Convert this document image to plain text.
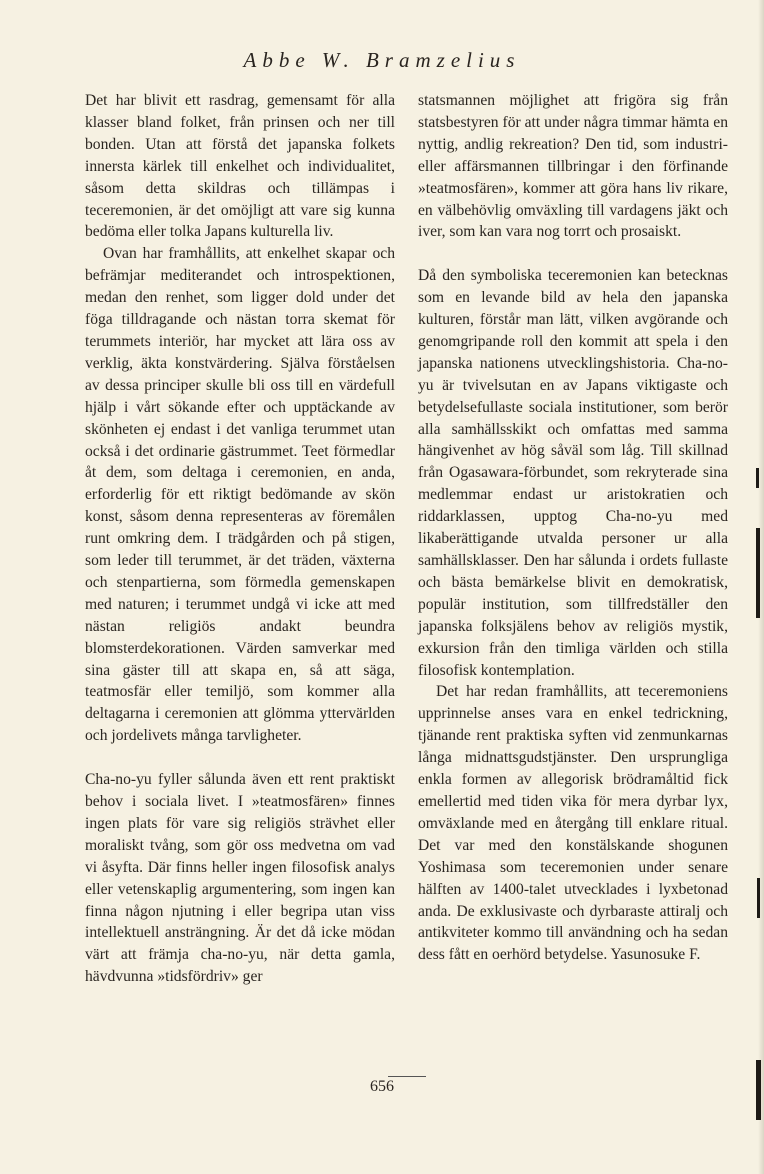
Abbe W. Bramzelius

Det har blivit ett rasdrag, gemensamt för alla klasser bland folket, från prinsen och ner till bonden. Utan att förstå det japanska folkets innersta kärlek till enkelhet och individualitet, såsom detta skildras och tillämpas i teceremonien, är det omöjligt att vare sig kunna bedöma eller tolka Japans kulturella liv.

Ovan har framhållits, att enkelhet skapar och befrämjar mediterandet och introspektionen, medan den renhet, som ligger dold under det föga tilldragande och nästan torra skemat för terummets interiör, har mycket att lära oss av verklig, äkta konstvärdering. Själva förståelsen av dessa principer skulle bli oss till en värdefull hjälp i vårt sökande efter och upptäckande av skönheten ej endast i det vanliga terummet utan också i det ordinarie gästrummet. Teet förmedlar åt dem, som deltaga i ceremonien, en anda, erforderlig för ett riktigt bedömande av skön konst, såsom denna representeras av föremålen runt omkring dem. I trädgården och på stigen, som leder till terummet, är det träden, växterna och stenpartierna, som förmedla gemenskapen med naturen; i terummet undgå vi icke att med nästan religiös andakt beundra blomsterdekorationen. Värden samverkar med sina gäster till att skapa en, så att säga, teatmosfär eller temiljö, som kommer alla deltagarna i ceremonien att glömma yttervärlden och jordelivets många tarvligheter.

Cha-no-yu fyller sålunda även ett rent praktiskt behov i sociala livet. I »teatmosfären» finnes ingen plats för vare sig religiös strävhet eller moraliskt tvång, som gör oss medvetna om vad vi åsyfta. Där finns heller ingen filosofisk analys eller vetenskaplig argumentering, som ingen kan finna någon njutning i eller begripa utan viss intellektuell ansträngning. Är det då icke mödan värt att främja cha-no-yu, när detta gamla, hävdvunna »tidsfördriv» ger

statsmannen möjlighet att frigöra sig från statsbestyren för att under några timmar hämta en nyttig, andlig rekreation? Den tid, som industri- eller affärsmannen tillbringar i den förfinande »teatmosfären», kommer att göra hans liv rikare, en välbehövlig omväxling till vardagens jäkt och iver, som kan vara nog torrt och prosaiskt.

Då den symboliska teceremonien kan betecknas som en levande bild av hela den japanska kulturen, förstår man lätt, vilken avgörande och genomgripande roll den kommit att spela i den japanska nationens utvecklingshistoria. Cha-no-yu är tvivelsutan en av Japans viktigaste och betydelsefullaste sociala institutioner, som berör alla samhällsskikt och omfattas med samma hängivenhet av hög såväl som låg. Till skillnad från Ogasawara-förbundet, som rekryterade sina medlemmar endast ur aristokratien och riddarklassen, upptog Cha-no-yu med likaberättigande utvalda personer ur alla samhällsklasser. Den har sålunda i ordets fullaste och bästa bemärkelse blivit en demokratisk, populär institution, som tillfredställer den japanska folksjälens behov av religiös mystik, exkursion från den timliga världen och stilla filosofisk kontemplation.

Det har redan framhållits, att teceremoniens upprinnelse anses vara en enkel tedrickning, tjänande rent praktiska syften vid zenmunkarnas långa midnattsgudstjänster. Den ursprungliga enkla formen av allegorisk brödramåltid fick emellertid med tiden vika för mera dyrbar lyx, omväxlande med en återgång till enklare ritual. Det var med den konstälskande shogunen Yoshimasa som teceremonien under senare hälften av 1400-talet utvecklades i lyxbetonad anda. De exklusivaste och dyrbaraste attiralj och antikviteter kommo till användning och ha sedan dess fått en oerhörd betydelse. Yasunosuke F.

656
